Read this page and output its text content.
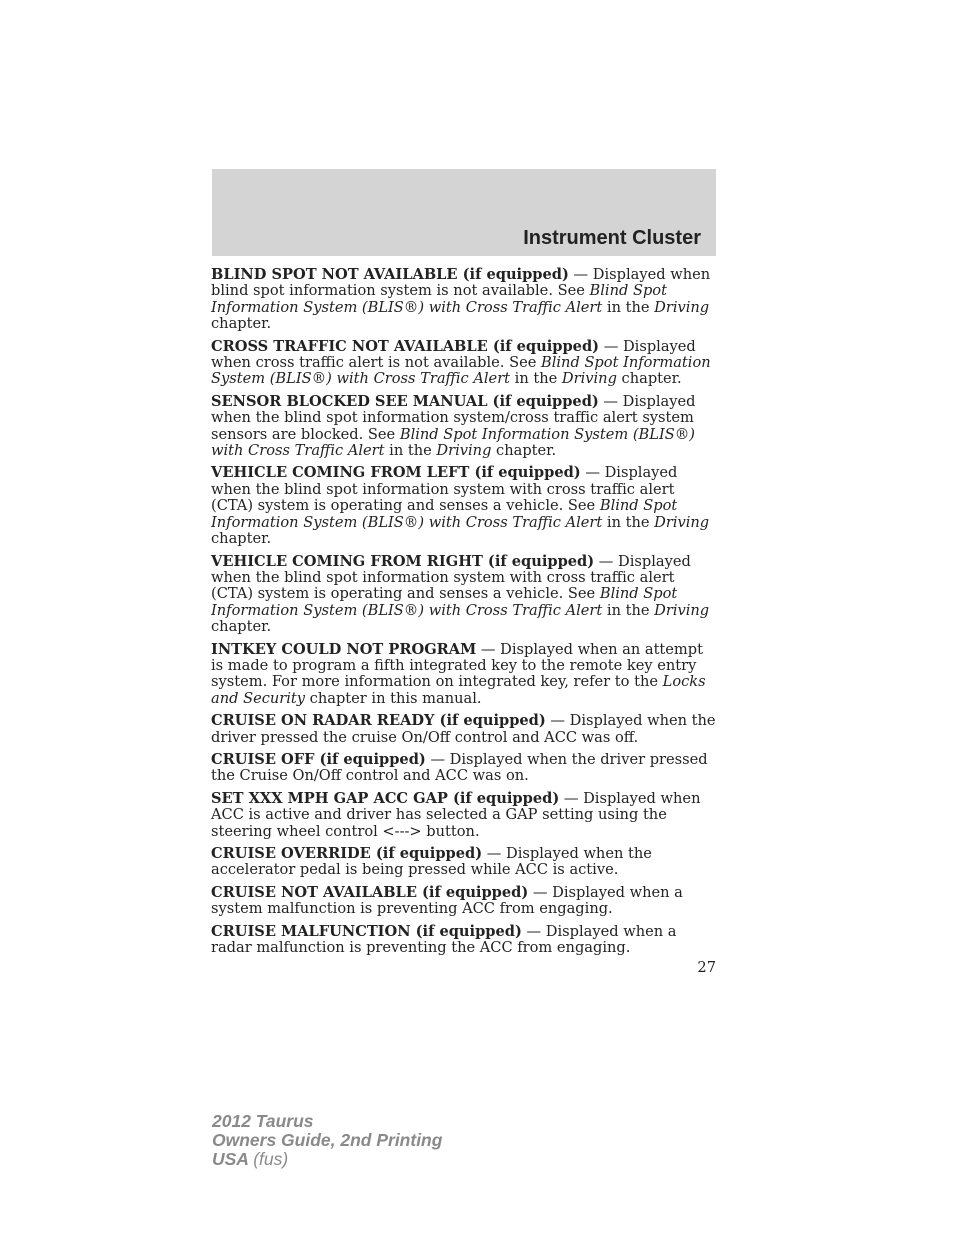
Instrument Cluster

BLIND SPOT NOT AVAILABLE (if equipped) — Displayed when blind spot information system is not available. See Blind Spot Information System (BLIS®) with Cross Traffic Alert in the Driving chapter.

CROSS TRAFFIC NOT AVAILABLE (if equipped) — Displayed when cross traffic alert is not available. See Blind Spot Information System (BLIS®) with Cross Traffic Alert in the Driving chapter.

SENSOR BLOCKED SEE MANUAL (if equipped) — Displayed when the blind spot information system/cross traffic alert system sensors are blocked. See Blind Spot Information System (BLIS®) with Cross Traffic Alert in the Driving chapter.

VEHICLE COMING FROM LEFT (if equipped) — Displayed when the blind spot information system with cross traffic alert (CTA) system is operating and senses a vehicle. See Blind Spot Information System (BLIS®) with Cross Traffic Alert in the Driving chapter.

VEHICLE COMING FROM RIGHT (if equipped) — Displayed when the blind spot information system with cross traffic alert (CTA) system is operating and senses a vehicle. See Blind Spot Information System (BLIS®) with Cross Traffic Alert in the Driving chapter.

INTKEY COULD NOT PROGRAM — Displayed when an attempt is made to program a fifth integrated key to the remote key entry system. For more information on integrated key, refer to the Locks and Security chapter in this manual.

CRUISE ON RADAR READY (if equipped) — Displayed when the driver pressed the cruise On/Off control and ACC was off.

CRUISE OFF (if equipped) — Displayed when the driver pressed the Cruise On/Off control and ACC was on.

SET XXX MPH GAP ACC GAP (if equipped) — Displayed when ACC is active and driver has selected a GAP setting using the steering wheel control <---> button.

CRUISE OVERRIDE (if equipped) — Displayed when the accelerator pedal is being pressed while ACC is active.

CRUISE NOT AVAILABLE (if equipped) — Displayed when a system malfunction is preventing ACC from engaging.

CRUISE MALFUNCTION (if equipped) — Displayed when a radar malfunction is preventing the ACC from engaging.

27
2012 Taurus
Owners Guide, 2nd Printing
USA (fus)
